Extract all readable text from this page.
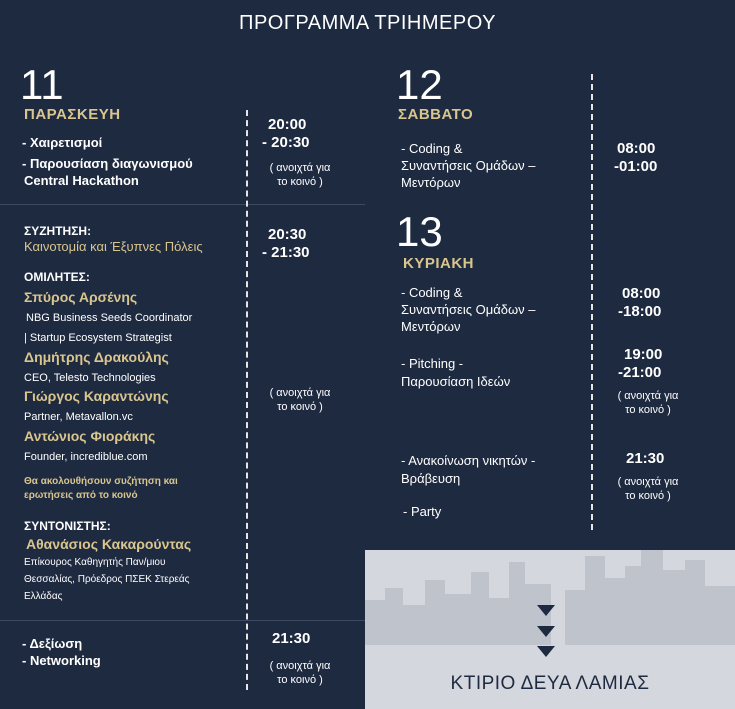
ΠΡΟΓΡΑΜΜΑ ΤΡΙΗΜΕΡΟΥ
11
ΠΑΡΑΣΚΕΥΗ
- Χαιρετισμοί
- Παρουσίαση διαγωνισμού
Central Hackathon
20:00
- 20:30
( ανοιχτά για
το κοινό )
ΣΥΖΗΤΗΣΗ:
Καινοτομία και Έξυπνες Πόλεις
20:30
- 21:30
ΟΜΙΛΗΤΕΣ:
Σπύρος Αρσένης
NBG Business Seeds Coordinator
| Startup Ecosystem Strategist
Δημήτρης Δρακούλης
CEO, Telesto Technologies
Γιώργος Καραντώνης
Partner, Metavallon.vc
Αντώνιος Φιοράκης
Founder, incrediblue.com
Θα ακολουθήσουν συζήτηση και
ερωτήσεις από το κοινό
( ανοιχτά για
το κοινό )
ΣΥΝΤΟΝΙΣΤΗΣ:
Αθανάσιος Κακαρούντας
Επίκουρος Καθηγητής Παν/μιου
Θεσσαλίας, Πρόεδρος ΠΣΕΚ Στερεάς
Ελλάδας
- Δεξίωση
- Networking
21:30
( ανοιχτά για
το κοινό )
12
ΣΑΒΒΑΤΟ
- Coding &
Συναντήσεις Ομάδων –
Μεντόρων
08:00
-01:00
13
ΚΥΡΙΑΚΗ
- Coding &
Συναντήσεις Ομάδων –
Μεντόρων
08:00
-18:00
- Pitching -
Παρουσίαση Ιδεών
19:00
-21:00
( ανοιχτά για
το κοινό )
- Ανακοίνωση νικητών -
Βράβευση
21:30
( ανοιχτά για
το κοινό )
- Party
ΚΤΙΡΙΟ ΔΕΥΑ ΛΑΜΙΑΣ
